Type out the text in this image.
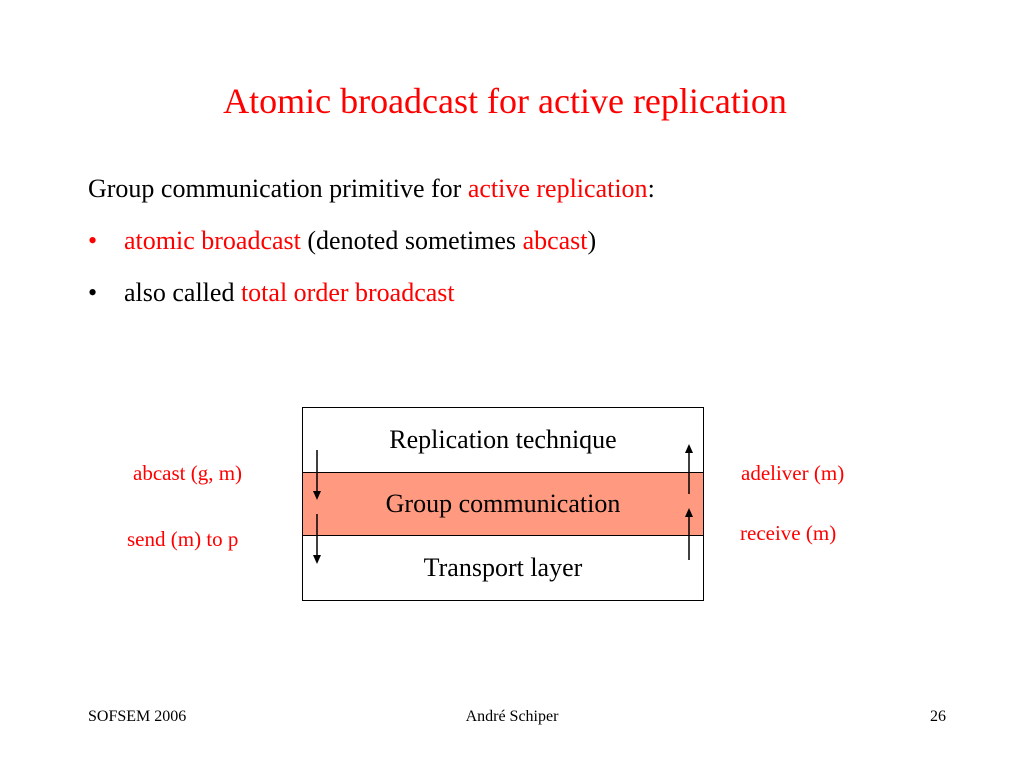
Atomic broadcast for active replication
Group communication primitive for active replication:
• atomic broadcast (denoted sometimes abcast)
• also called total order broadcast
Replication technique
Group communication
Transport layer
abcast (g, m)
send (m) to p
adeliver (m)
receive (m)
SOFSEM 2006	André Schiper	26
